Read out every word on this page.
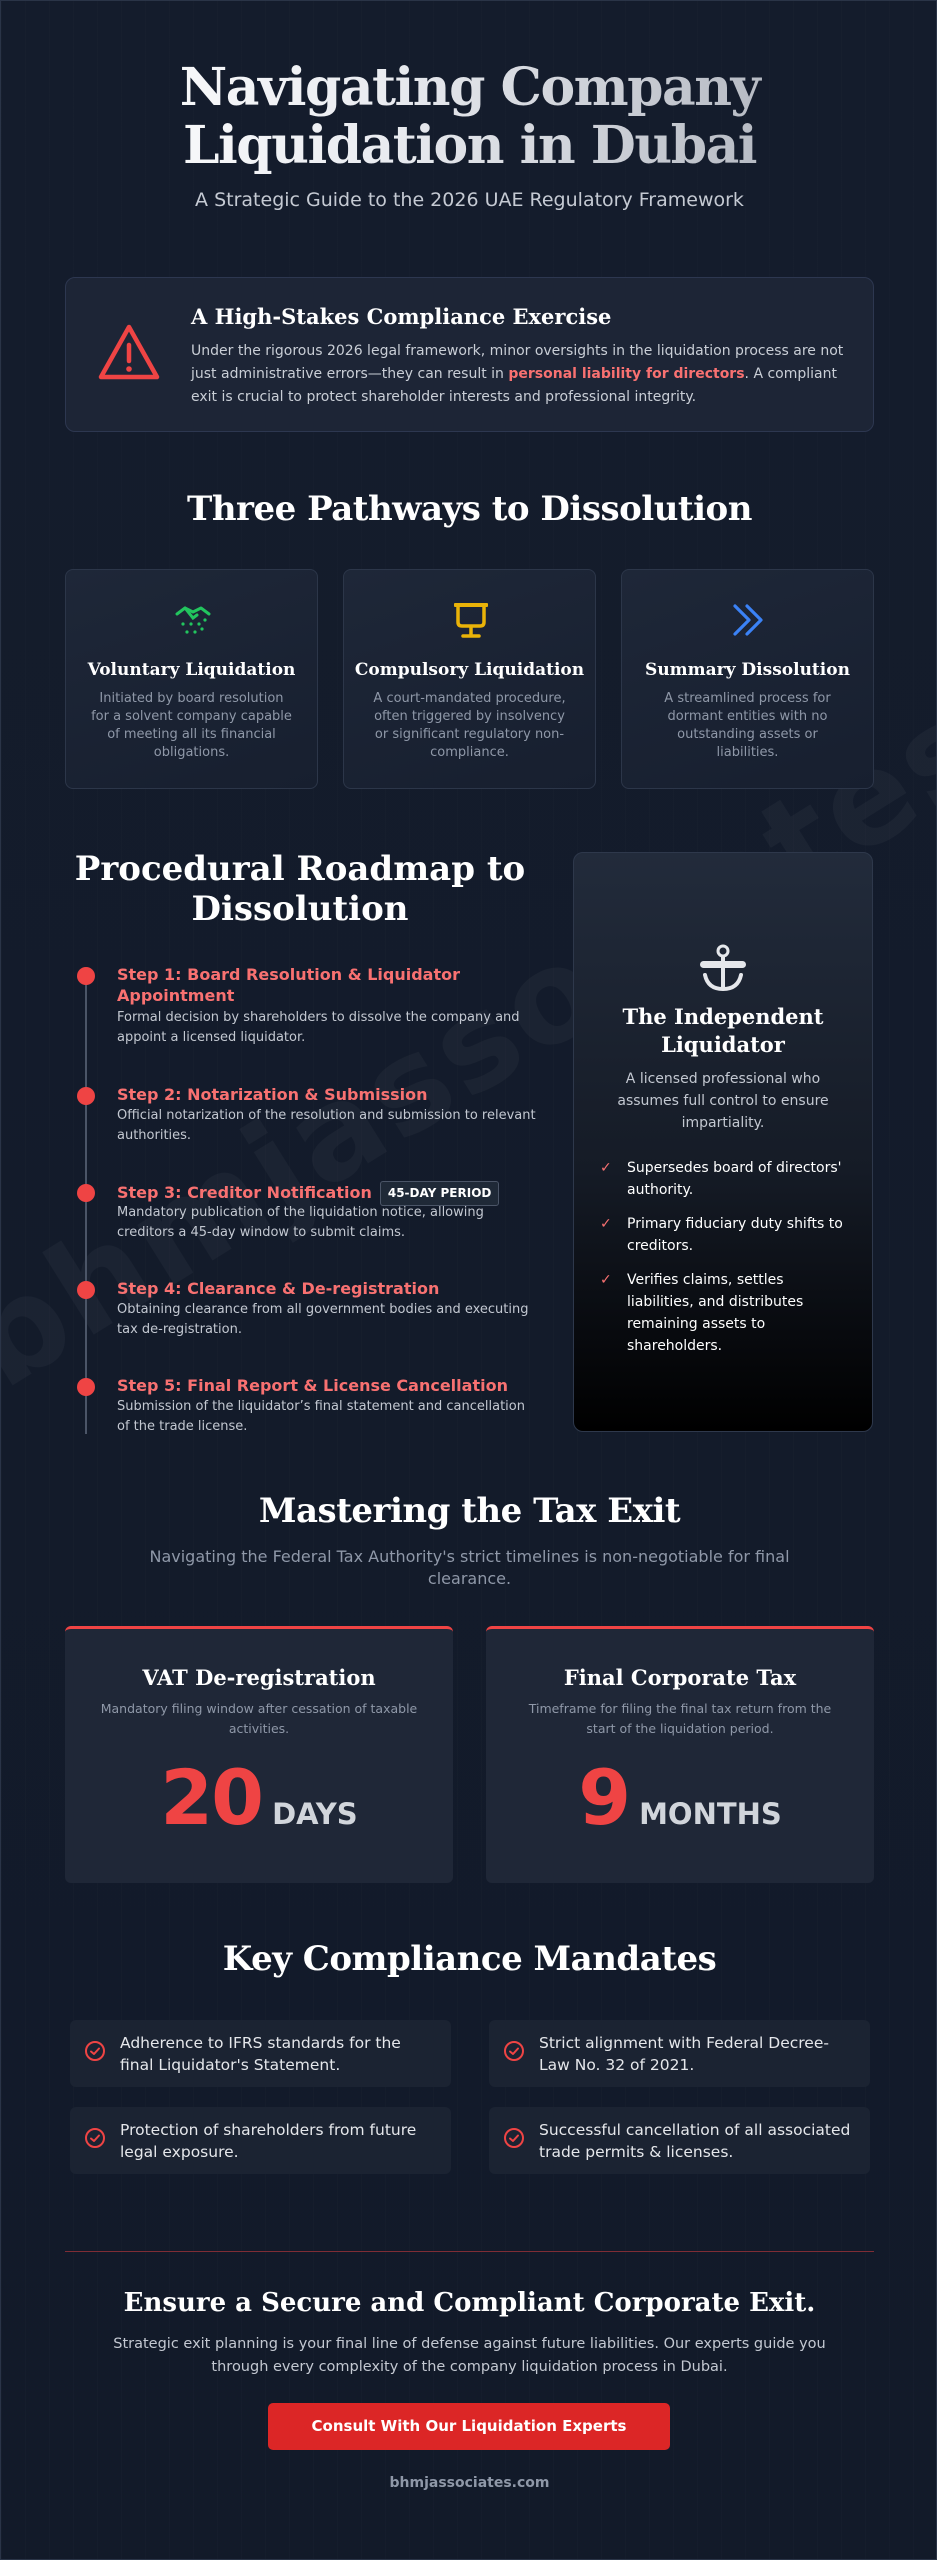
Navigating Company Liquidation in Dubai
A Strategic Guide to the 2026 UAE Regulatory Framework
A High-Stakes Compliance Exercise
Under the rigorous 2026 legal framework, minor oversights in the liquidation process are not just administrative errors—they can result in personal liability for directors. A compliant exit is crucial to protect shareholder interests and professional integrity.
Three Pathways to Dissolution
Voluntary Liquidation
Initiated by board resolution for a solvent company capable of meeting all its financial obligations.
Compulsory Liquidation
A court-mandated procedure, often triggered by insolvency or significant regulatory non-compliance.
Summary Dissolution
A streamlined process for dormant entities with no outstanding assets or liabilities.
Procedural Roadmap to Dissolution
Step 1: Board Resolution & Liquidator Appointment
Formal decision by shareholders to dissolve the company and appoint a licensed liquidator.
Step 2: Notarization & Submission
Official notarization of the resolution and submission to relevant authorities.
Step 3: Creditor Notification 45-DAY PERIOD
Mandatory publication of the liquidation notice, allowing creditors a 45-day window to submit claims.
Step 4: Clearance & De-registration
Obtaining clearance from all government bodies and executing tax de-registration.
Step 5: Final Report & License Cancellation
Submission of the liquidator’s final statement and cancellation of the trade license.
The Independent Liquidator
A licensed professional who assumes full control to ensure impartiality.
✓ Supersedes board of directors' authority.
✓ Primary fiduciary duty shifts to creditors.
✓ Verifies claims, settles liabilities, and distributes remaining assets to shareholders.
Mastering the Tax Exit
Navigating the Federal Tax Authority's strict timelines is non-negotiable for final clearance.
VAT De-registration
Mandatory filing window after cessation of taxable activities.
20 DAYS
Final Corporate Tax
Timeframe for filing the final tax return from the start of the liquidation period.
9 MONTHS
Key Compliance Mandates
Adherence to IFRS standards for the final Liquidator's Statement.
Strict alignment with Federal Decree-Law No. 32 of 2021.
Protection of shareholders from future legal exposure.
Successful cancellation of all associated trade permits & licenses.
Ensure a Secure and Compliant Corporate Exit.
Strategic exit planning is your final line of defense against future liabilities. Our experts guide you through every complexity of the company liquidation process in Dubai.
Consult With Our Liquidation Experts
bhmjassociates.com
